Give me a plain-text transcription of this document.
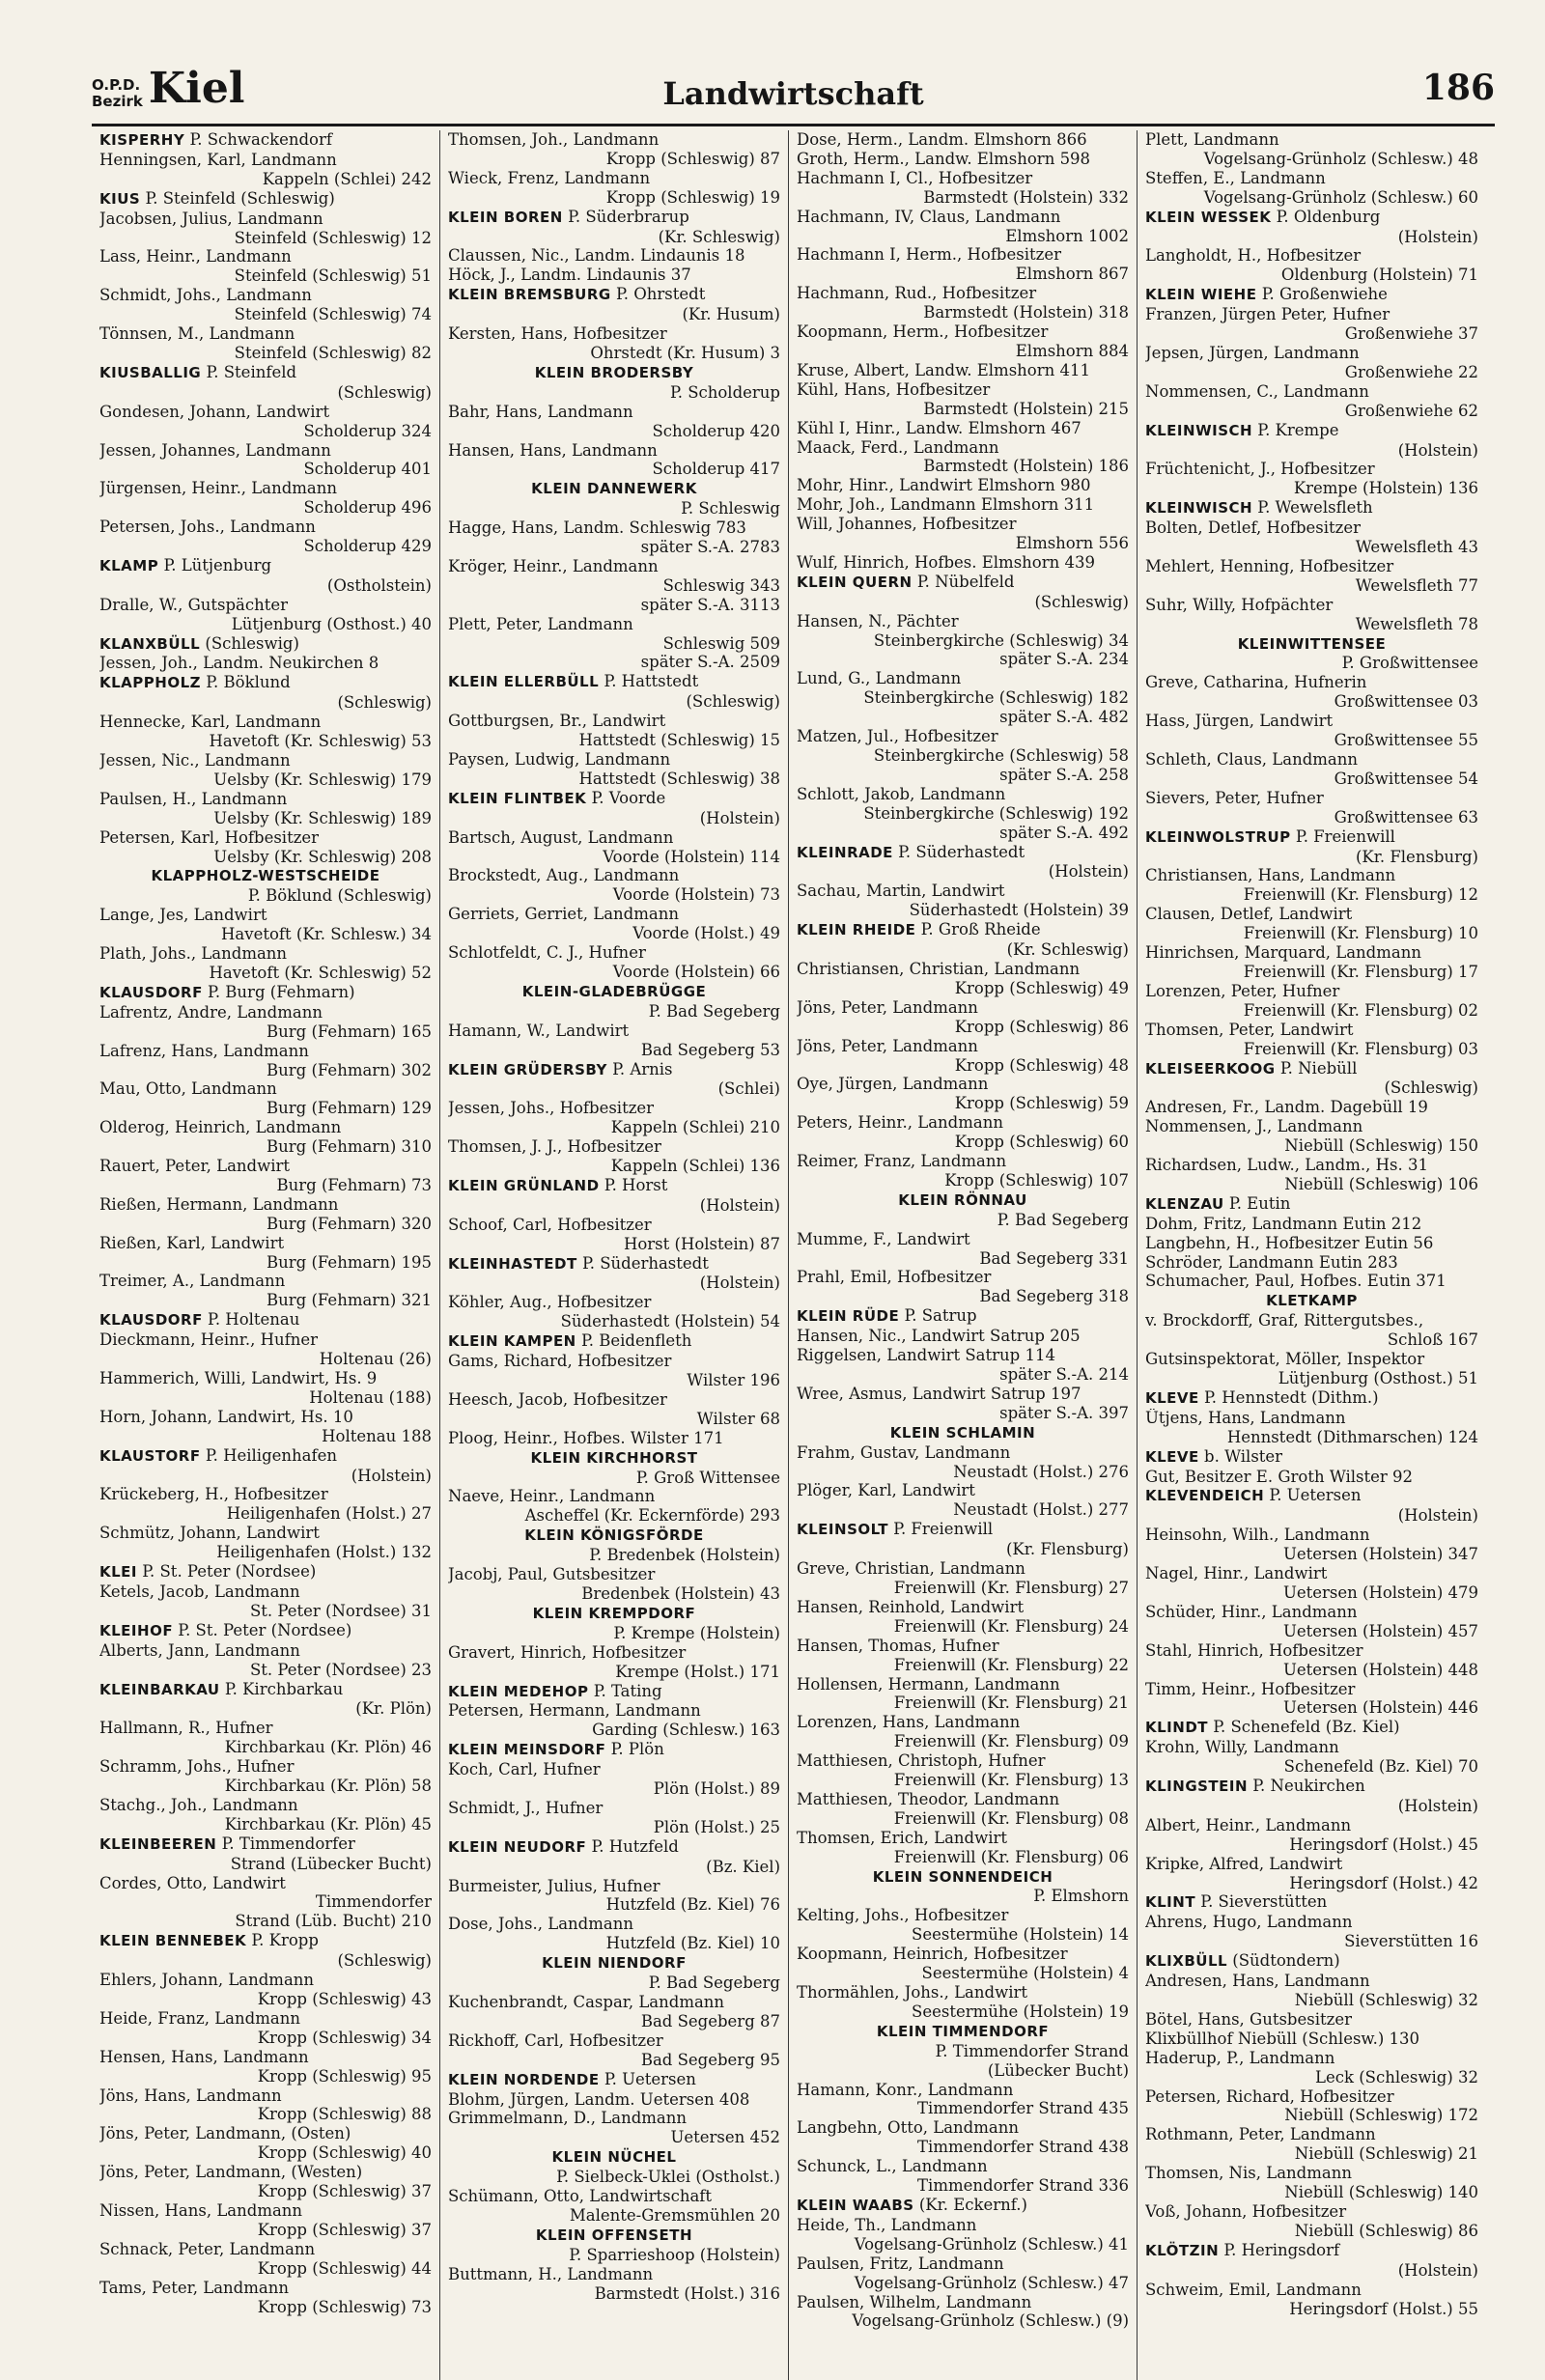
O.P.D.
Bezirk Kiel	Landwirtschaft	186
KISPERHY P. Schwackendorf
Henningsen, Karl, Landmann
Kappeln (Schlei) 242
KIUS P. Steinfeld (Schleswig)
Jacobsen, Julius, Landmann
Steinfeld (Schleswig) 12
Lass, Heinr., Landmann
Steinfeld (Schleswig) 51
Schmidt, Johs., Landmann
Steinfeld (Schleswig) 74
Tönnsen, M., Landmann
Steinfeld (Schleswig) 82
KIUSBALLIG P. Steinfeld
(Schleswig)
Gondesen, Johann, Landwirt
Scholderup 324
Jessen, Johannes, Landmann
Scholderup 401
Jürgensen, Heinr., Landmann
Scholderup 496
Petersen, Johs., Landmann
Scholderup 429
KLAMP P. Lütjenburg
(Ostholstein)
Dralle, W., Gutspächter
Lütjenburg (Osthost.) 40
KLANXBÜLL (Schleswig)
Jessen, Joh., Landm. Neukirchen 8
KLAPPHOLZ P. Böklund
(Schleswig)
Hennecke, Karl, Landmann
Havetoft (Kr. Schleswig) 53
Jessen, Nic., Landmann
Uelsby (Kr. Schleswig) 179
Paulsen, H., Landmann
Uelsby (Kr. Schleswig) 189
Petersen, Karl, Hofbesitzer
Uelsby (Kr. Schleswig) 208
KLAPPHOLZ-WESTSCHEIDE
P. Böklund (Schleswig)
Lange, Jes, Landwirt
Havetoft (Kr. Schlesw.) 34
Plath, Johs., Landmann
Havetoft (Kr. Schleswig) 52
KLAUSDORF P. Burg (Fehmarn)
Lafrentz, Andre, Landmann
Burg (Fehmarn) 165
Lafrenz, Hans, Landmann
Burg (Fehmarn) 302
Mau, Otto, Landmann
Burg (Fehmarn) 129
Olderog, Heinrich, Landmann
Burg (Fehmarn) 310
Rauert, Peter, Landwirt
Burg (Fehmarn) 73
Rießen, Hermann, Landmann
Burg (Fehmarn) 320
Rießen, Karl, Landwirt
Burg (Fehmarn) 195
Treimer, A., Landmann
Burg (Fehmarn) 321
KLAUSDORF P. Holtenau
Dieckmann, Heinr., Hufner
Holtenau (26)
Hammerich, Willi, Landwirt, Hs. 9
Holtenau (188)
Horn, Johann, Landwirt, Hs. 10
Holtenau 188
KLAUSTORF P. Heiligenhafen
(Holstein)
Krückeberg, H., Hofbesitzer
Heiligenhafen (Holst.) 27
Schmütz, Johann, Landwirt
Heiligenhafen (Holst.) 132
KLEI P. St. Peter (Nordsee)
Ketels, Jacob, Landmann
St. Peter (Nordsee) 31
KLEIHOF P. St. Peter (Nordsee)
Alberts, Jann, Landmann
St. Peter (Nordsee) 23
KLEINBARKAU P. Kirchbarkau
(Kr. Plön)
Hallmann, R., Hufner
Kirchbarkau (Kr. Plön) 46
Schramm, Johs., Hufner
Kirchbarkau (Kr. Plön) 58
Stachg., Joh., Landmann
Kirchbarkau (Kr. Plön) 45
KLEINBEEREN P. Timmendorfer
Strand (Lübecker Bucht)
Cordes, Otto, Landwirt
Timmendorfer
Strand (Lüb. Bucht) 210
KLEIN BENNEBEK P. Kropp
(Schleswig)
Ehlers, Johann, Landmann
Kropp (Schleswig) 43
Heide, Franz, Landmann
Kropp (Schleswig) 34
Hensen, Hans, Landmann
Kropp (Schleswig) 95
Jöns, Hans, Landmann
Kropp (Schleswig) 88
Jöns, Peter, Landmann, (Osten)
Kropp (Schleswig) 40
Jöns, Peter, Landmann, (Westen)
Kropp (Schleswig) 37
Nissen, Hans, Landmann
Kropp (Schleswig) 37
Schnack, Peter, Landmann
Kropp (Schleswig) 44
Tams, Peter, Landmann
Kropp (Schleswig) 73
Thomsen, Joh., Landmann
Kropp (Schleswig) 87
Wieck, Frenz, Landmann
Kropp (Schleswig) 19
KLEIN BOREN P. Süderbrarup
(Kr. Schleswig)
Claussen, Nic., Landm. Lindaunis 18
Höck, J., Landm. Lindaunis 37
KLEIN BREMSBURG P. Ohrstedt
(Kr. Husum)
Kersten, Hans, Hofbesitzer
Ohrstedt (Kr. Husum) 3
KLEIN BRODERSBY
P. Scholderup
Bahr, Hans, Landmann
Scholderup 420
Hansen, Hans, Landmann
Scholderup 417
KLEIN DANNEWERK
P. Schleswig
Hagge, Hans, Landm. Schleswig 783
später S.-A. 2783
Kröger, Heinr., Landmann
Schleswig 343
später S.-A. 3113
Plett, Peter, Landmann
Schleswig 509
später S.-A. 2509
KLEIN ELLERBÜLL P. Hattstedt
(Schleswig)
Gottburgsen, Br., Landwirt
Hattstedt (Schleswig) 15
Paysen, Ludwig, Landmann
Hattstedt (Schleswig) 38
KLEIN FLINTBEK P. Voorde
(Holstein)
Bartsch, August, Landmann
Voorde (Holstein) 114
Brockstedt, Aug., Landmann
Voorde (Holstein) 73
Gerriets, Gerriet, Landmann
Voorde (Holst.) 49
Schlotfeldt, C. J., Hufner
Voorde (Holstein) 66
KLEIN-GLADEBRÜGGE
P. Bad Segeberg
Hamann, W., Landwirt
Bad Segeberg 53
KLEIN GRÜDERSBY P. Arnis
(Schlei)
Jessen, Johs., Hofbesitzer
Kappeln (Schlei) 210
Thomsen, J. J., Hofbesitzer
Kappeln (Schlei) 136
KLEIN GRÜNLAND P. Horst
(Holstein)
Schoof, Carl, Hofbesitzer
Horst (Holstein) 87
KLEINHASTEDT P. Süderhastedt
(Holstein)
Köhler, Aug., Hofbesitzer
Süderhastedt (Holstein) 54
KLEIN KAMPEN P. Beidenfleth
Gams, Richard, Hofbesitzer
Wilster 196
Heesch, Jacob, Hofbesitzer
Wilster 68
Ploog, Heinr., Hofbes. Wilster 171
KLEIN KIRCHHORST
P. Groß Wittensee
Naeve, Heinr., Landmann
Ascheffel (Kr. Eckernförde) 293
KLEIN KÖNIGSFÖRDE
P. Bredenbek (Holstein)
Jacobj, Paul, Gutsbesitzer
Bredenbek (Holstein) 43
KLEIN KREMPDORF
P. Krempe (Holstein)
Gravert, Hinrich, Hofbesitzer
Krempe (Holst.) 171
KLEIN MEDEHOP P. Tating
Petersen, Hermann, Landmann
Garding (Schlesw.) 163
KLEIN MEINSDORF P. Plön
Koch, Carl, Hufner
Plön (Holst.) 89
Schmidt, J., Hufner
Plön (Holst.) 25
KLEIN NEUDORF P. Hutzfeld
(Bz. Kiel)
Burmeister, Julius, Hufner
Hutzfeld (Bz. Kiel) 76
Dose, Johs., Landmann
Hutzfeld (Bz. Kiel) 10
KLEIN NIENDORF
P. Bad Segeberg
Kuchenbrandt, Caspar, Landmann
Bad Segeberg 87
Rickhoff, Carl, Hofbesitzer
Bad Segeberg 95
KLEIN NORDENDE P. Uetersen
Blohm, Jürgen, Landm. Uetersen 408
Grimmelmann, D., Landmann
Uetersen 452
KLEIN NÜCHEL
P. Sielbeck-Uklei (Ostholst.)
Schümann, Otto, Landwirtschaft
Malente-Gremsmühlen 20
KLEIN OFFENSETH
P. Sparrieshoop (Holstein)
Buttmann, H., Landmann
Barmstedt (Holst.) 316
Dose, Herm., Landm. Elmshorn 866
Groth, Herm., Landw. Elmshorn 598
Hachmann I, Cl., Hofbesitzer
Barmstedt (Holstein) 332
Hachmann, IV, Claus, Landmann
Elmshorn 1002
Hachmann I, Herm., Hofbesitzer
Elmshorn 867
Hachmann, Rud., Hofbesitzer
Barmstedt (Holstein) 318
Koopmann, Herm., Hofbesitzer
Elmshorn 884
Kruse, Albert, Landw. Elmshorn 411
Kühl, Hans, Hofbesitzer
Barmstedt (Holstein) 215
Kühl I, Hinr., Landw. Elmshorn 467
Maack, Ferd., Landmann
Barmstedt (Holstein) 186
Mohr, Hinr., Landwirt Elmshorn 980
Mohr, Joh., Landmann Elmshorn 311
Will, Johannes, Hofbesitzer
Elmshorn 556
Wulf, Hinrich, Hofbes. Elmshorn 439
KLEIN QUERN P. Nübelfeld
(Schleswig)
Hansen, N., Pächter
Steinbergkirche (Schleswig) 34
später S.-A. 234
Lund, G., Landmann
Steinbergkirche (Schleswig) 182
später S.-A. 482
Matzen, Jul., Hofbesitzer
Steinbergkirche (Schleswig) 58
später S.-A. 258
Schlott, Jakob, Landmann
Steinbergkirche (Schleswig) 192
später S.-A. 492
KLEINRADE P. Süderhastedt
(Holstein)
Sachau, Martin, Landwirt
Süderhastedt (Holstein) 39
KLEIN RHEIDE P. Groß Rheide
(Kr. Schleswig)
Christiansen, Christian, Landmann
Kropp (Schleswig) 49
Jöns, Peter, Landmann
Kropp (Schleswig) 86
Jöns, Peter, Landmann
Kropp (Schleswig) 48
Oye, Jürgen, Landmann
Kropp (Schleswig) 59
Peters, Heinr., Landmann
Kropp (Schleswig) 60
Reimer, Franz, Landmann
Kropp (Schleswig) 107
KLEIN RÖNNAU
P. Bad Segeberg
Mumme, F., Landwirt
Bad Segeberg 331
Prahl, Emil, Hofbesitzer
Bad Segeberg 318
KLEIN RÜDE P. Satrup
Hansen, Nic., Landwirt Satrup 205
Riggelsen, Landwirt Satrup 114
später S.-A. 214
Wree, Asmus, Landwirt Satrup 197
später S.-A. 397
KLEIN SCHLAMIN
Frahm, Gustav, Landmann
Neustadt (Holst.) 276
Plöger, Karl, Landwirt
Neustadt (Holst.) 277
KLEINSOLT P. Freienwill
(Kr. Flensburg)
Greve, Christian, Landmann
Freienwill (Kr. Flensburg) 27
Hansen, Reinhold, Landwirt
Freienwill (Kr. Flensburg) 24
Hansen, Thomas, Hufner
Freienwill (Kr. Flensburg) 22
Hollensen, Hermann, Landmann
Freienwill (Kr. Flensburg) 21
Lorenzen, Hans, Landmann
Freienwill (Kr. Flensburg) 09
Matthiesen, Christoph, Hufner
Freienwill (Kr. Flensburg) 13
Matthiesen, Theodor, Landmann
Freienwill (Kr. Flensburg) 08
Thomsen, Erich, Landwirt
Freienwill (Kr. Flensburg) 06
KLEIN SONNENDEICH
P. Elmshorn
Kelting, Johs., Hofbesitzer
Seestermühe (Holstein) 14
Koopmann, Heinrich, Hofbesitzer
Seestermühe (Holstein) 4
Thormählen, Johs., Landwirt
Seestermühe (Holstein) 19
KLEIN TIMMENDORF
P. Timmendorfer Strand
(Lübecker Bucht)
Hamann, Konr., Landmann
Timmendorfer Strand 435
Langbehn, Otto, Landmann
Timmendorfer Strand 438
Schunck, L., Landmann
Timmendorfer Strand 336
KLEIN WAABS (Kr. Eckernf.)
Heide, Th., Landmann
Vogelsang-Grünholz (Schlesw.) 41
Paulsen, Fritz, Landmann
Vogelsang-Grünholz (Schlesw.) 47
Paulsen, Wilhelm, Landmann
Vogelsang-Grünholz (Schlesw.) (9)
Plett, Landmann
Vogelsang-Grünholz (Schlesw.) 48
Steffen, E., Landmann
Vogelsang-Grünholz (Schlesw.) 60
KLEIN WESSEK P. Oldenburg
(Holstein)
Langholdt, H., Hofbesitzer
Oldenburg (Holstein) 71
KLEIN WIEHE P. Großenwiehe
Franzen, Jürgen Peter, Hufner
Großenwiehe 37
Jepsen, Jürgen, Landmann
Großenwiehe 22
Nommensen, C., Landmann
Großenwiehe 62
KLEINWISCH P. Krempe
(Holstein)
Früchtenicht, J., Hofbesitzer
Krempe (Holstein) 136
KLEINWISCH P. Wewelsfleth
Bolten, Detlef, Hofbesitzer
Wewelsfleth 43
Mehlert, Henning, Hofbesitzer
Wewelsfleth 77
Suhr, Willy, Hofpächter
Wewelsfleth 78
KLEINWITTENSEE
P. Großwittensee
Greve, Catharina, Hufnerin
Großwittensee 03
Hass, Jürgen, Landwirt
Großwittensee 55
Schleth, Claus, Landmann
Großwittensee 54
Sievers, Peter, Hufner
Großwittensee 63
KLEINWOLSTRUP P. Freienwill
(Kr. Flensburg)
Christiansen, Hans, Landmann
Freienwill (Kr. Flensburg) 12
Clausen, Detlef, Landwirt
Freienwill (Kr. Flensburg) 10
Hinrichsen, Marquard, Landmann
Freienwill (Kr. Flensburg) 17
Lorenzen, Peter, Hufner
Freienwill (Kr. Flensburg) 02
Thomsen, Peter, Landwirt
Freienwill (Kr. Flensburg) 03
KLEISEERKOOG P. Niebüll
(Schleswig)
Andresen, Fr., Landm. Dagebüll 19
Nommensen, J., Landmann
Niebüll (Schleswig) 150
Richardsen, Ludw., Landm., Hs. 31
Niebüll (Schleswig) 106
KLENZAU P. Eutin
Dohm, Fritz, Landmann Eutin 212
Langbehn, H., Hofbesitzer Eutin 56
Schröder, Landmann Eutin 283
Schumacher, Paul, Hofbes. Eutin 371
KLETKAMP
v. Brockdorff, Graf, Rittergutsbes.,
Schloß 167
Gutsinspektorat, Möller, Inspektor
Lütjenburg (Osthost.) 51
KLEVE P. Hennstedt (Dithm.)
Ütjens, Hans, Landmann
Hennstedt (Dithmarschen) 124
KLEVE b. Wilster
Gut, Besitzer E. Groth Wilster 92
KLEVENDEICH P. Uetersen
(Holstein)
Heinsohn, Wilh., Landmann
Uetersen (Holstein) 347
Nagel, Hinr., Landwirt
Uetersen (Holstein) 479
Schüder, Hinr., Landmann
Uetersen (Holstein) 457
Stahl, Hinrich, Hofbesitzer
Uetersen (Holstein) 448
Timm, Heinr., Hofbesitzer
Uetersen (Holstein) 446
KLINDT P. Schenefeld (Bz. Kiel)
Krohn, Willy, Landmann
Schenefeld (Bz. Kiel) 70
KLINGSTEIN P. Neukirchen
(Holstein)
Albert, Heinr., Landmann
Heringsdorf (Holst.) 45
Kripke, Alfred, Landwirt
Heringsdorf (Holst.) 42
KLINT P. Sieverstütten
Ahrens, Hugo, Landmann
Sieverstütten 16
KLIXBÜLL (Südtondern)
Andresen, Hans, Landmann
Niebüll (Schleswig) 32
Bötel, Hans, Gutsbesitzer
Klixbüllhof Niebüll (Schlesw.) 130
Haderup, P., Landmann
Leck (Schleswig) 32
Petersen, Richard, Hofbesitzer
Niebüll (Schleswig) 172
Rothmann, Peter, Landmann
Niebüll (Schleswig) 21
Thomsen, Nis, Landmann
Niebüll (Schleswig) 140
Voß, Johann, Hofbesitzer
Niebüll (Schleswig) 86
KLÖTZIN P. Heringsdorf
(Holstein)
Schweim, Emil, Landmann
Heringsdorf (Holst.) 55
